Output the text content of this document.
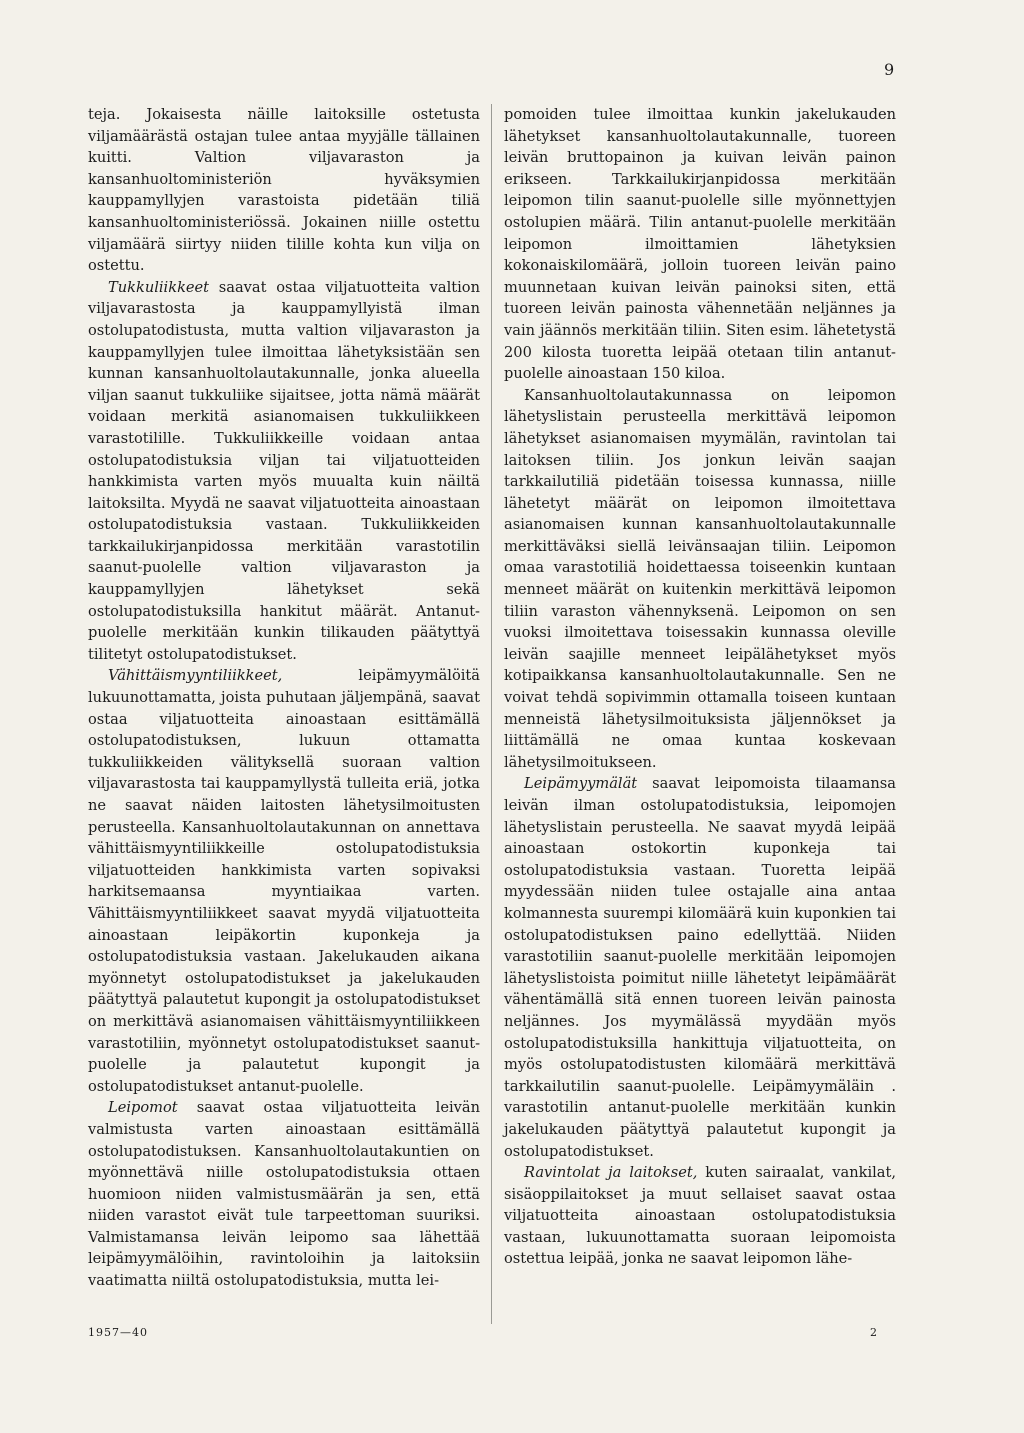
9

teja. Jokaisesta näille laitoksille ostetusta viljamäärästä ostajan tulee antaa myyjälle tällainen kuitti. Valtion viljavaraston ja kansanhuoltoministeriön hyväksymien kauppamyllyjen varastoista pidetään tiliä kansanhuoltoministeriössä. Jokainen niille ostettu viljamäärä siirtyy niiden tilille kohta kun vilja on ostettu.

Tukkuliikkeet saavat ostaa viljatuotteita valtion viljavarastosta ja kauppamyllyistä ilman ostolupatodistusta, mutta valtion viljavaraston ja kauppamyllyjen tulee ilmoittaa lähetyksistään sen kunnan kansanhuoltolautakunnalle, jonka alueella viljan saanut tukkuliike sijaitsee, jotta nämä määrät voidaan merkitä asianomaisen tukkuliikkeen varastotilille. Tukkuliikkeille voidaan antaa ostolupatodistuksia viljan tai viljatuotteiden hankkimista varten myös muualta kuin näiltä laitoksilta. Myydä ne saavat viljatuotteita ainoastaan ostolupatodistuksia vastaan. Tukkuliikkeiden tarkkailukirjanpidossa merkitään varastotilin saanut-puolelle valtion viljavaraston ja kauppamyllyjen lähetykset sekä ostolupatodistuksilla hankitut määrät. Antanut-puolelle merkitään kunkin tilikauden päätyttyä tilitetyt ostolupatodistukset.

Vähittäismyyntiliikkeet, leipämyymälöitä lukuunottamatta, joista puhutaan jäljempänä, saavat ostaa viljatuotteita ainoastaan esittämällä ostolupatodistuksen, lukuun ottamatta tukkuliikkeiden välityksellä suoraan valtion viljavarastosta tai kauppamyllystä tulleita eriä, jotka ne saavat näiden laitosten lähetysilmoitusten perusteella. Kansanhuoltolautakunnan on annettava vähittäismyyntiliikkeille ostolupatodistuksia viljatuotteiden hankkimista varten sopivaksi harkitsemaansa myyntiaikaa varten. Vähittäismyyntiliikkeet saavat myydä viljatuotteita ainoastaan leipäkortin kuponkeja ja ostolupatodistuksia vastaan. Jakelukauden aikana myönnetyt ostolupatodistukset ja jakelukauden päätyttyä palautetut kupongit ja ostolupatodistukset on merkittävä asianomaisen vähittäismyyntiliikkeen varastotiliin, myönnetyt ostolupatodistukset saanut-puolelle ja palautetut kupongit ja ostolupatodistukset antanut-puolelle.

Leipomot saavat ostaa viljatuotteita leivän valmistusta varten ainoastaan esittämällä ostolupatodistuksen. Kansanhuoltolautakuntien on myönnettävä niille ostolupatodistuksia ottaen huomioon niiden valmistusmäärän ja sen, että niiden varastot eivät tule tarpeettoman suuriksi. Valmistamansa leivän leipomo saa lähettää leipämyymälöihin, ravintoloihin ja laitoksiin vaatimatta niiltä ostolupatodistuksia, mutta lei-

pomoiden tulee ilmoittaa kunkin jakelukauden lähetykset kansanhuoltolautakunnalle, tuoreen leivän bruttopainon ja kuivan leivän painon erikseen. Tarkkailukirjanpidossa merkitään leipomon tilin saanut-puolelle sille myönnettyjen ostolupien määrä. Tilin antanut-puolelle merkitään leipomon ilmoittamien lähetyksien kokonaiskilomäärä, jolloin tuoreen leivän paino muunnetaan kuivan leivän painoksi siten, että tuoreen leivän painosta vähennetään neljännes ja vain jäännös merkitään tiliin. Siten esim. lähetetystä 200 kilosta tuoretta leipää otetaan tilin antanut-puolelle ainoastaan 150 kiloa.

Kansanhuoltolautakunnassa on leipomon lähetyslistain perusteella merkittävä leipomon lähetykset asianomaisen myymälän, ravintolan tai laitoksen tiliin. Jos jonkun leivän saajan tarkkailutiliä pidetään toisessa kunnassa, niille lähetetyt määrät on leipomon ilmoitettava asianomaisen kunnan kansanhuoltolautakunnalle merkittäväksi siellä leivänsaajan tiliin. Leipomon omaa varastotiliä hoidettaessa toiseenkin kuntaan menneet määrät on kuitenkin merkittävä leipomon tiliin varaston vähennyksenä. Leipomon on sen vuoksi ilmoitettava toisessakin kunnassa oleville leivän saajille menneet leipälähetykset myös kotipaikkansa kansanhuoltolautakunnalle. Sen ne voivat tehdä sopivimmin ottamalla toiseen kuntaan menneistä lähetysilmoituksista jäljennökset ja liittämällä ne omaa kuntaa koskevaan lähetysilmoitukseen.

Leipämyymälät saavat leipomoista tilaamansa leivän ilman ostolupatodistuksia, leipomojen lähetyslistain perusteella. Ne saavat myydä leipää ainoastaan ostokortin kuponkeja tai ostolupatodistuksia vastaan. Tuoretta leipää myydessään niiden tulee ostajalle aina antaa kolmannesta suurempi kilomäärä kuin kuponkien tai ostolupatodistuksen paino edellyttää. Niiden varastotiliin saanut-puolelle merkitään leipomojen lähetyslistoista poimitut niille lähetetyt leipämäärät vähentämällä sitä ennen tuoreen leivän painosta neljännes. Jos myymälässä myydään myös ostolupatodistuksilla hankittuja viljatuotteita, on myös ostolupatodistusten kilomäärä merkittävä tarkkailutilin saanut-puolelle. Leipämyymäläin . varastotilin antanut-puolelle merkitään kunkin jakelukauden päätyttyä palautetut kupongit ja ostolupatodistukset.

Ravintolat ja laitokset, kuten sairaalat, vankilat, sisäoppilaitokset ja muut sellaiset saavat ostaa viljatuotteita ainoastaan ostolupatodistuksia vastaan, lukuunottamatta suoraan leipomoista ostettua leipää, jonka ne saavat leipomon lähe-

1957—40	2
